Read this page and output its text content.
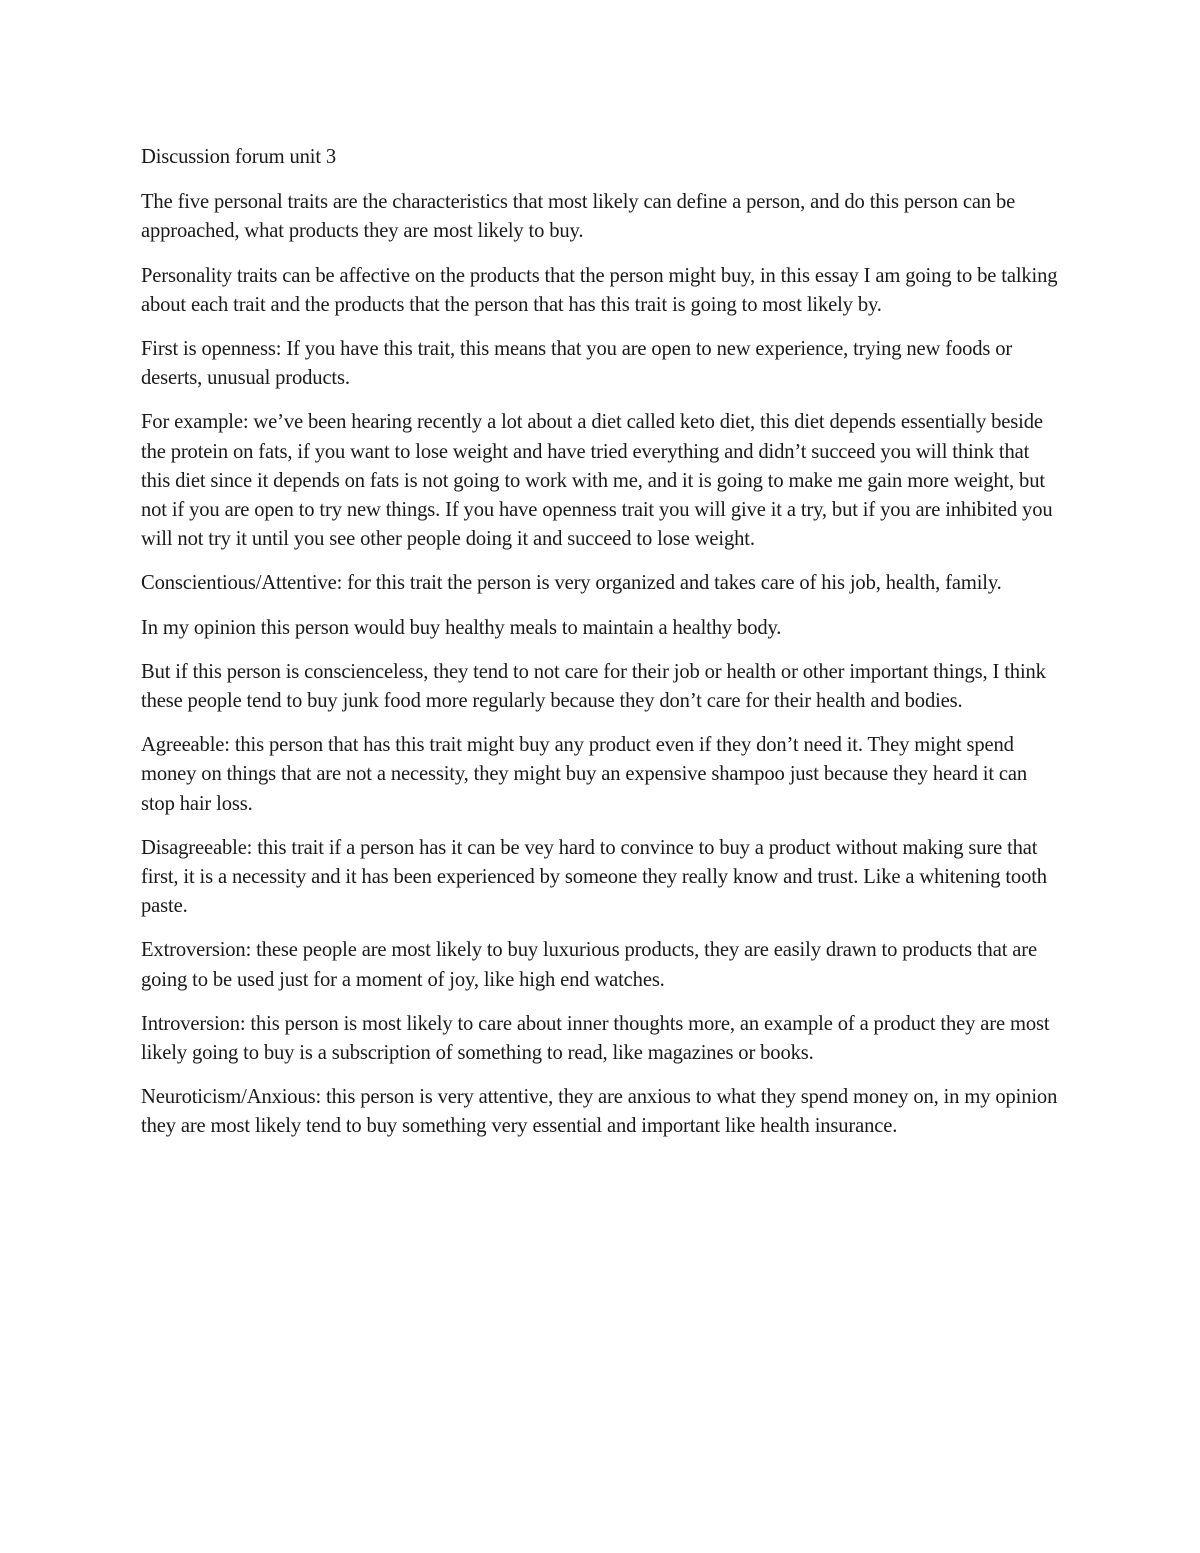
Discussion forum unit 3

The five personal traits are the characteristics that most likely can define a person, and do this person can be approached, what products they are most likely to buy.

Personality traits can be affective on the products that the person might buy, in this essay I am going to be talking about each trait and the products that the person that has this trait is going to most likely by.

First is openness: If you have this trait, this means that you are open to new experience, trying new foods or deserts, unusual products.

For example: we’ve been hearing recently a lot about a diet called keto diet, this diet depends essentially beside the protein on fats, if you want to lose weight and have tried everything and didn’t succeed you will think that this diet since it depends on fats is not going to work with me, and it is going to make me gain more weight, but not if you are open to try new things. If you have openness trait you will give it a try, but if you are inhibited you will not try it until you see other people doing it and succeed to lose weight.

Conscientious/Attentive: for this trait the person is very organized and takes care of his job, health, family.

In my opinion this person would buy healthy meals to maintain a healthy body.

But if this person is conscienceless, they tend to not care for their job or health or other important things, I think these people tend to buy junk food more regularly because they don’t care for their health and bodies.

Agreeable: this person that has this trait might buy any product even if they don’t need it. They might spend money on things that are not a necessity, they might buy an expensive shampoo just because they heard it can stop hair loss.

Disagreeable: this trait if a person has it can be vey hard to convince to buy a product without making sure that first, it is a necessity and it has been experienced by someone they really know and trust. Like a whitening tooth paste.

Extroversion: these people are most likely to buy luxurious products, they are easily drawn to products that are going to be used just for a moment of joy, like high end watches.

Introversion: this person is most likely to care about inner thoughts more, an example of a product they are most likely going to buy is a subscription of something to read, like magazines or books.

Neuroticism/Anxious: this person is very attentive, they are anxious to what they spend money on, in my opinion they are most likely tend to buy something very essential and important like health insurance.
